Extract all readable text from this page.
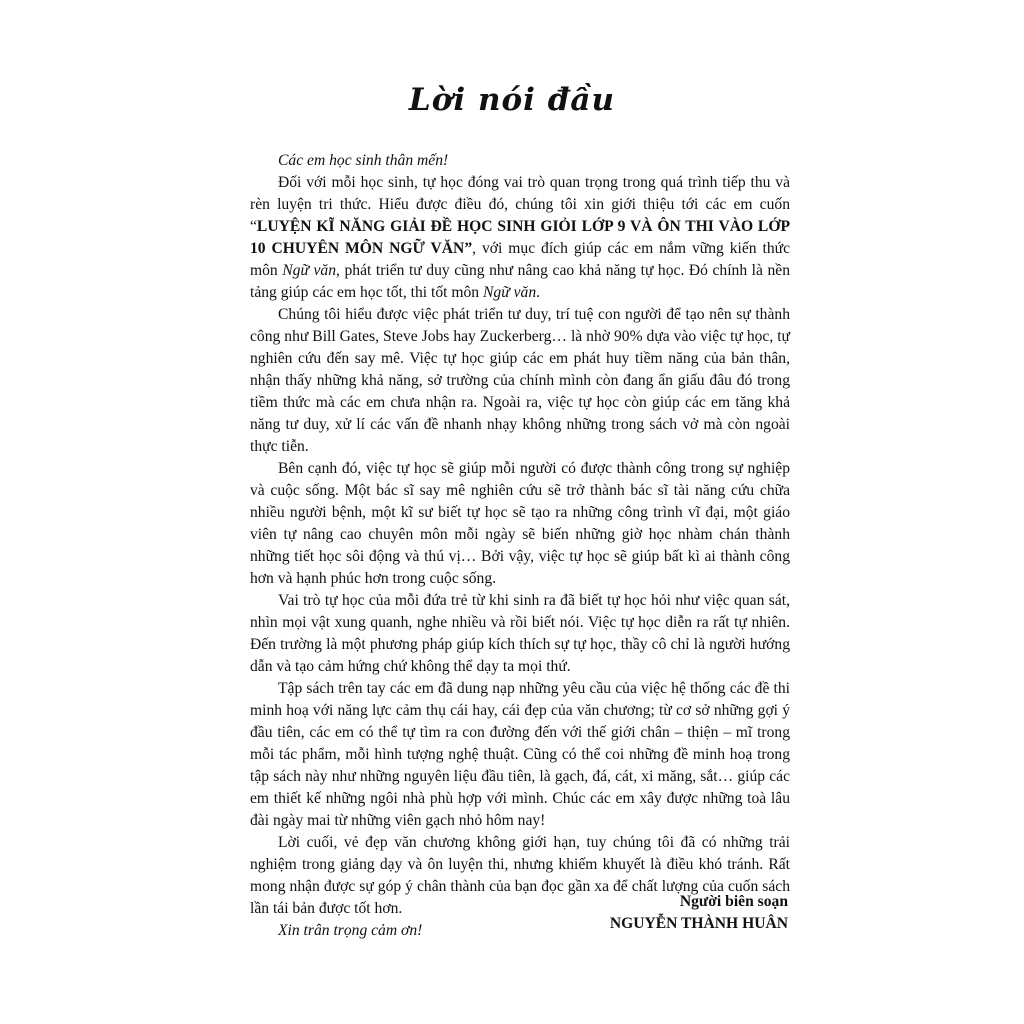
Lời nói đầu

Các em học sinh thân mến!

Đối với mỗi học sinh, tự học đóng vai trò quan trọng trong quá trình tiếp thu và rèn luyện tri thức. Hiểu được điều đó, chúng tôi xin giới thiệu tới các em cuốn “LUYỆN KĨ NĂNG GIẢI ĐỀ HỌC SINH GIỎI LỚP 9 VÀ ÔN THI VÀO LỚP 10 CHUYÊN MÔN NGỮ VĂN”, với mục đích giúp các em nắm vững kiến thức môn Ngữ văn, phát triển tư duy cũng như nâng cao khả năng tự học. Đó chính là nền tảng giúp các em học tốt, thi tốt môn Ngữ văn.

Chúng tôi hiểu được việc phát triển tư duy, trí tuệ con người để tạo nên sự thành công như Bill Gates, Steve Jobs hay Zuckerberg… là nhờ 90% dựa vào việc tự học, tự nghiên cứu đến say mê. Việc tự học giúp các em phát huy tiềm năng của bản thân, nhận thấy những khả năng, sở trường của chính mình còn đang ẩn giấu đâu đó trong tiềm thức mà các em chưa nhận ra. Ngoài ra, việc tự học còn giúp các em tăng khả năng tư duy, xử lí các vấn đề nhanh nhạy không những trong sách vở mà còn ngoài thực tiễn.

Bên cạnh đó, việc tự học sẽ giúp mỗi người có được thành công trong sự nghiệp và cuộc sống. Một bác sĩ say mê nghiên cứu sẽ trở thành bác sĩ tài năng cứu chữa nhiều người bệnh, một kĩ sư biết tự học sẽ tạo ra những công trình vĩ đại, một giáo viên tự nâng cao chuyên môn mỗi ngày sẽ biến những giờ học nhàm chán thành những tiết học sôi động và thú vị… Bởi vậy, việc tự học sẽ giúp bất kì ai thành công hơn và hạnh phúc hơn trong cuộc sống.

Vai trò tự học của mỗi đứa trẻ từ khi sinh ra đã biết tự học hỏi như việc quan sát, nhìn mọi vật xung quanh, nghe nhiều và rồi biết nói. Việc tự học diễn ra rất tự nhiên. Đến trường là một phương pháp giúp kích thích sự tự học, thầy cô chỉ là người hướng dẫn và tạo cảm hứng chứ không thể dạy ta mọi thứ.

Tập sách trên tay các em đã dung nạp những yêu cầu của việc hệ thống các đề thi minh hoạ với năng lực cảm thụ cái hay, cái đẹp của văn chương; từ cơ sở những gợi ý đầu tiên, các em có thể tự tìm ra con đường đến với thế giới chân – thiện – mĩ trong mỗi tác phẩm, mỗi hình tượng nghệ thuật. Cũng có thể coi những đề minh hoạ trong tập sách này như những nguyên liệu đầu tiên, là gạch, đá, cát, xi măng, sắt… giúp các em thiết kế những ngôi nhà phù hợp với mình. Chúc các em xây được những toà lâu đài ngày mai từ những viên gạch nhỏ hôm nay!

Lời cuối, vẻ đẹp văn chương không giới hạn, tuy chúng tôi đã có những trải nghiệm trong giảng dạy và ôn luyện thi, nhưng khiếm khuyết là điều khó tránh. Rất mong nhận được sự góp ý chân thành của bạn đọc gần xa để chất lượng của cuốn sách lần tái bản được tốt hơn.

Xin trân trọng cảm ơn!

Người biên soạn
NGUYỄN THÀNH HUÂN
